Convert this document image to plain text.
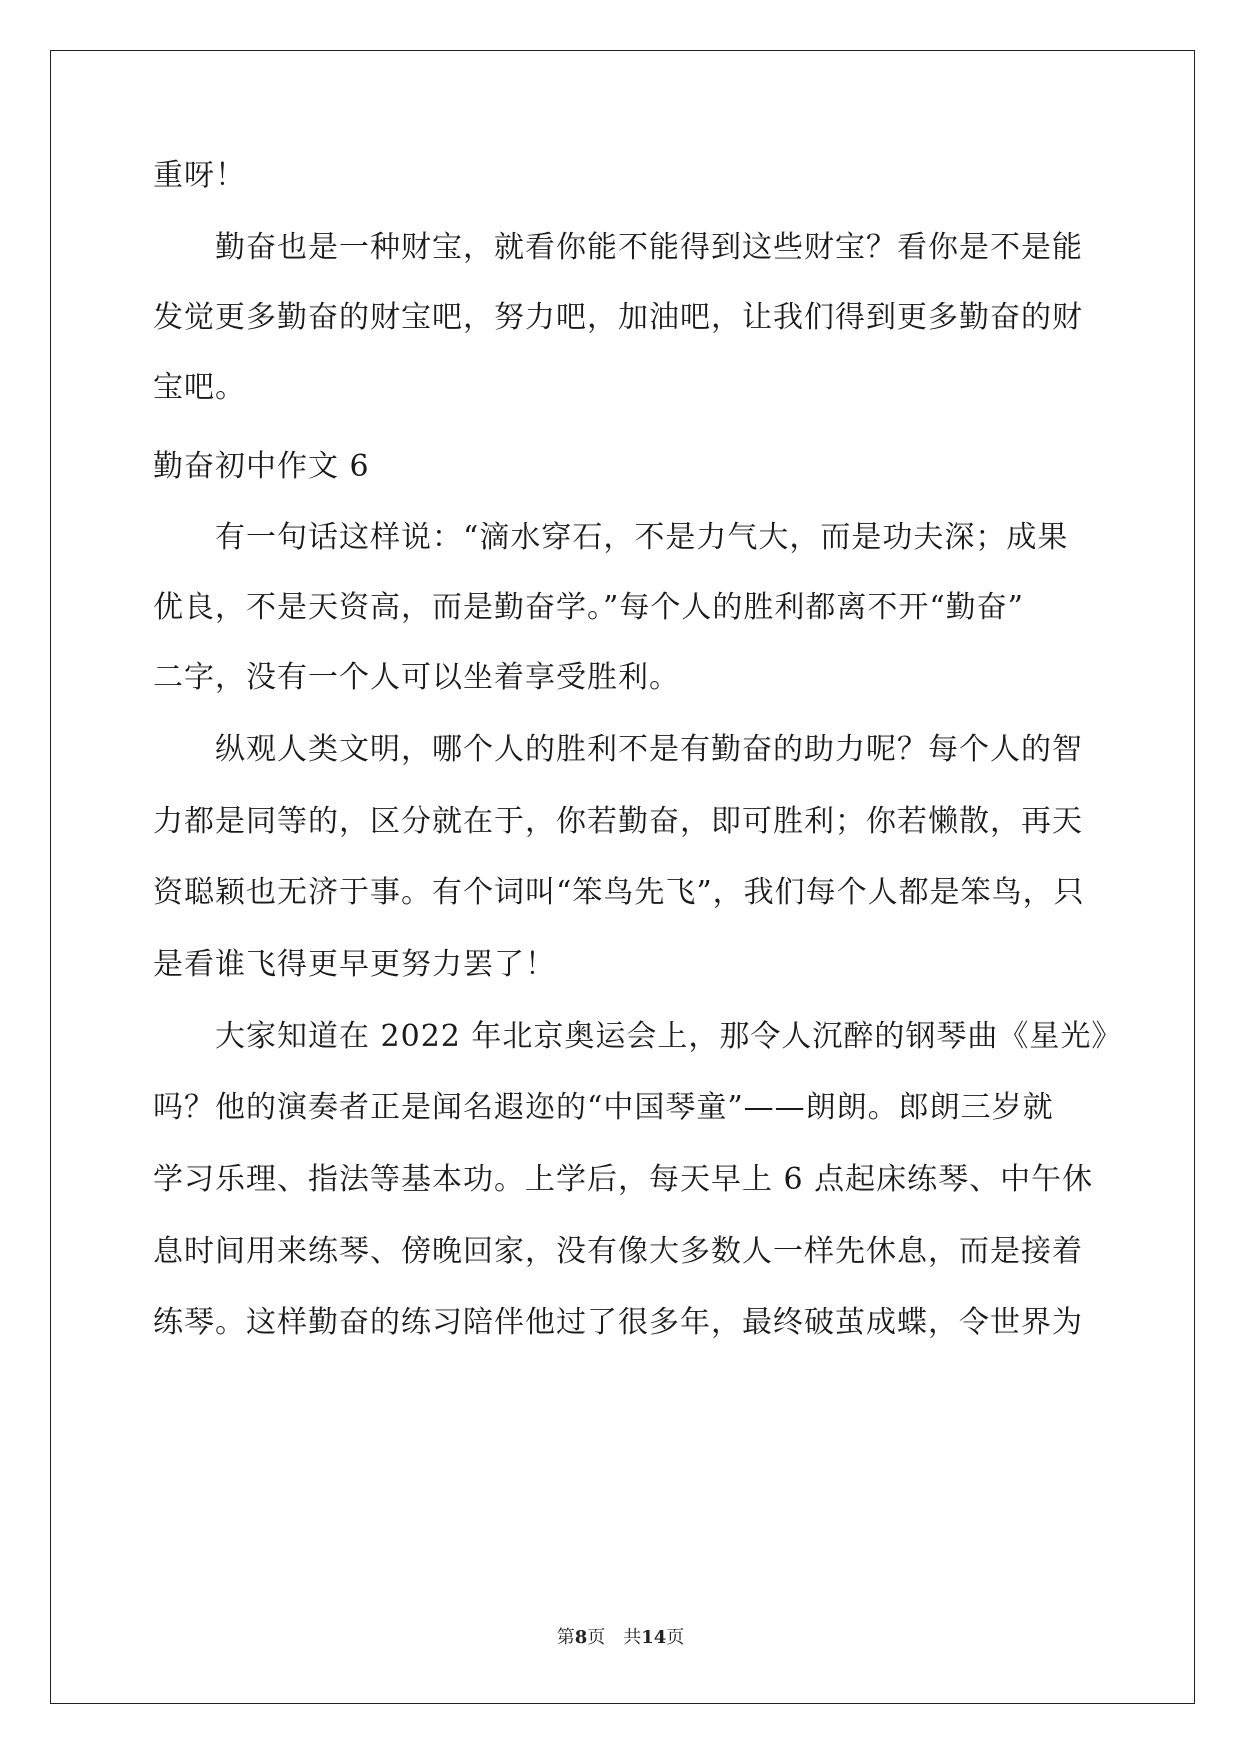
重呀！
勤奋也是一种财宝，就看你能不能得到这些财宝？看你是不是能
发觉更多勤奋的财宝吧，努力吧，加油吧，让我们得到更多勤奋的财
宝吧。
勤奋初中作文 6
有一句话这样说：“滴水穿石，不是力气大，而是功夫深；成果
优良，不是天资高，而是勤奋学。”每个人的胜利都离不开“勤奋”
二字，没有一个人可以坐着享受胜利。
纵观人类文明，哪个人的胜利不是有勤奋的助力呢？每个人的智
力都是同等的，区分就在于，你若勤奋，即可胜利；你若懒散，再天
资聪颖也无济于事。有个词叫“笨鸟先飞”，我们每个人都是笨鸟，只
是看谁飞得更早更努力罢了！
大家知道在 2022 年北京奥运会上，那令人沉醉的钢琴曲《星光》
吗？他的演奏者正是闻名遐迩的“中国琴童”——朗朗。郎朗三岁就
学习乐理、指法等基本功。上学后，每天早上 6 点起床练琴、中午休
息时间用来练琴、傍晚回家，没有像大多数人一样先休息，而是接着
练琴。这样勤奋的练习陪伴他过了很多年，最终破茧成蝶，令世界为
第8页 共14页
